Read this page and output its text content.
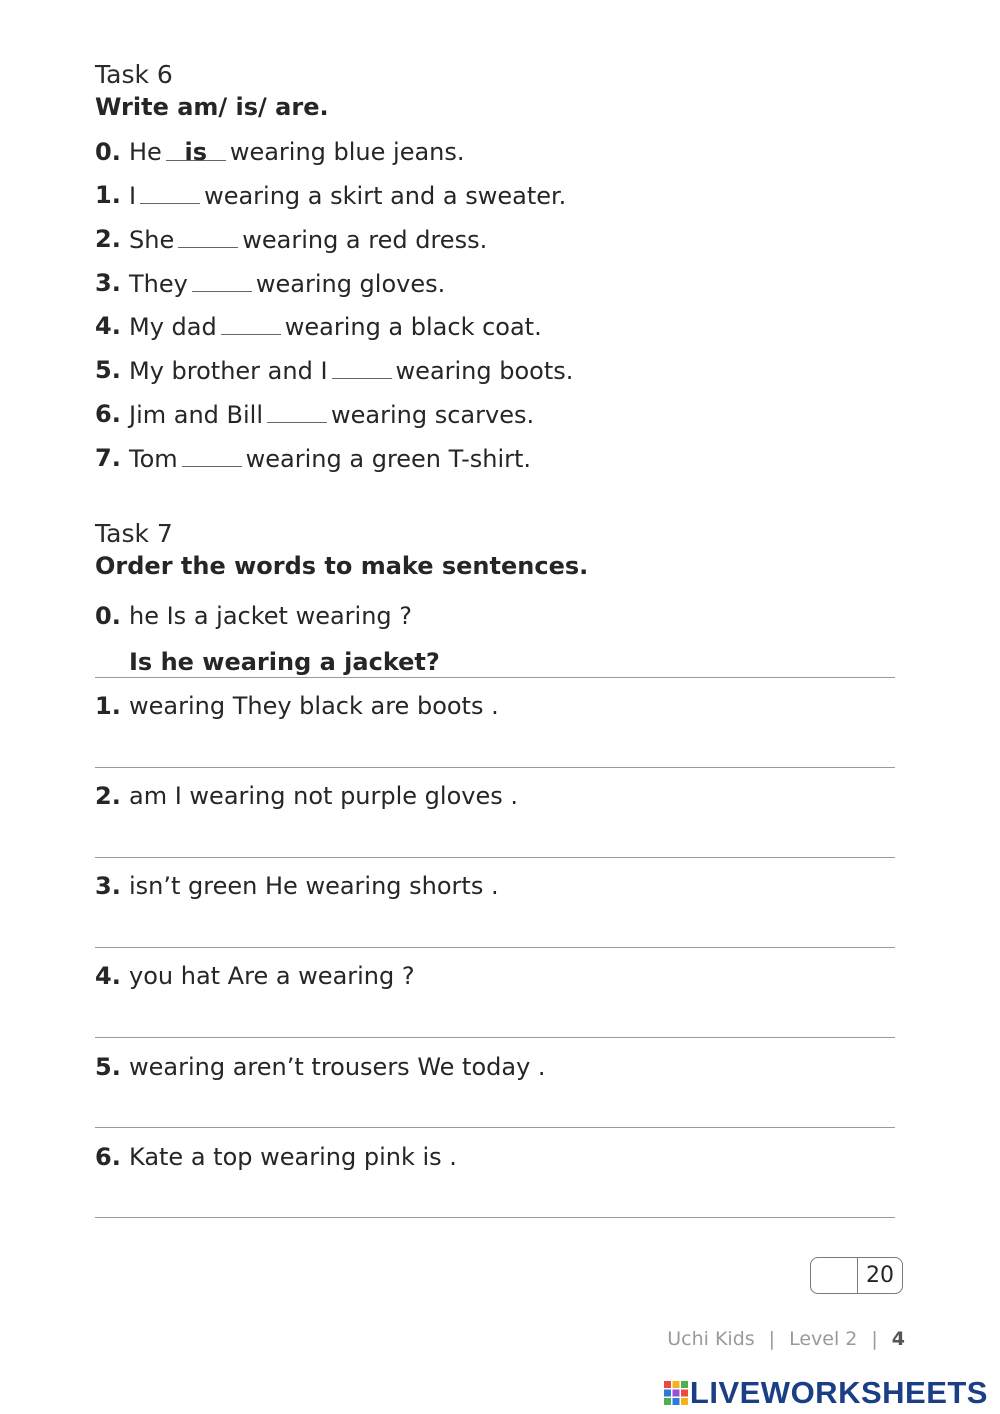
Task 6
Write am/ is/ are.
0. He is wearing blue jeans.
1. I	wearing a skirt and a sweater.
2. She	wearing a red dress.
3. They	wearing gloves.
4. My dad	wearing a black coat.
5. My brother and I	wearing boots.
6. Jim and Bill	wearing scarves.
7. Tom	wearing a green T-shirt.
Task 7
Order the words to make sentences.
0. he Is a jacket wearing ?
Is he wearing a jacket?
1. wearing They black are boots .
2. am I wearing not purple gloves .
3. isn’t green He wearing shorts .
4. you hat Are a wearing ?
5. wearing aren’t trousers We today .
6. Kate a top wearing pink is .
20
Uchi Kids | Level 2 | 4
LIVEWORKSHEETS
